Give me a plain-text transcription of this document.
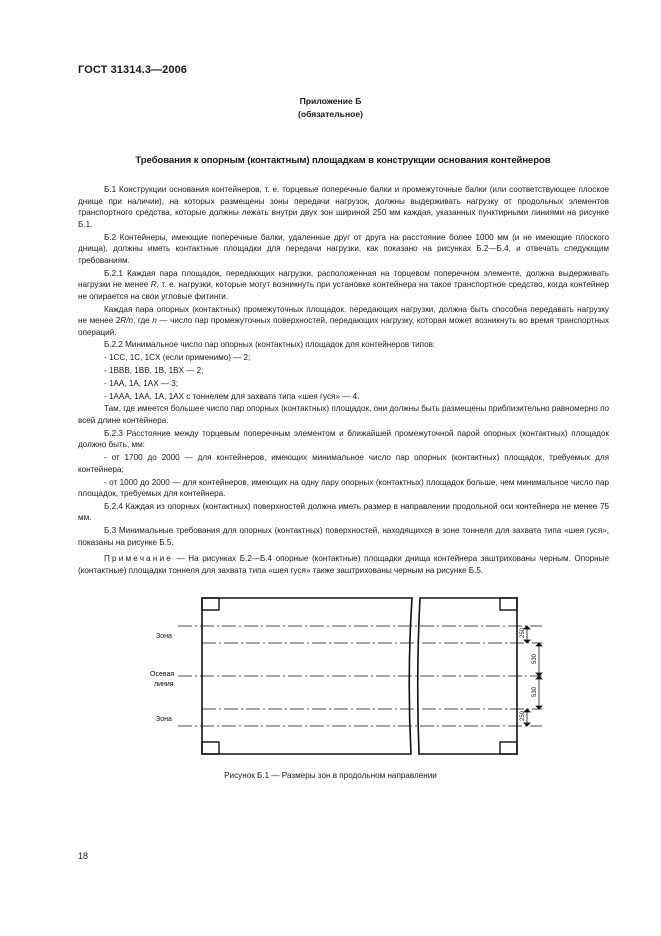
ГОСТ 31314.3—2006
Приложение Б
(обязательное)
Требования к опорным (контактным) площадкам в конструкции основания контейнеров

Б.1 Конструкции основания контейнеров, т. е. торцевые поперечные балки и промежуточные балки (или соответствующее плоское днище при наличии), на которых размещены зоны передачи нагрузок, должны выдерживать нагрузку от продольных элементов транспортного средства, которые должны лежать внутри двух зон шириной 250 мм каждая, указанных пунктирными линиями на рисунке Б.1.

Б.2 Контейнеры, имеющие поперечные балки, удаленные друг от друга на расстояние более 1000 мм (и не имеющие плоского днища), должны иметь контактные площадки для передачи нагрузки, как показано на рисунках Б.2—Б.4, и отвечать следующим требованиям.

Б.2.1 Каждая пара площадок, передающих нагрузки, расположенная на торцевом поперечном элементе, должна выдерживать нагрузки не менее R, т. е. нагрузки, которые могут возникнуть при установке контейнера на такое транспортное средство, когда контейнер не опирается на свои угловые фитинги.

Каждая пара опорных (контактных) промежуточных площадок, передающих нагрузки, должна быть способна передавать нагрузку не менее 2R/n, где n — число пар промежуточных поверхностей, передающих нагрузку, которая может возникнуть во время транспортных операций.

Б.2.2 Минимальное число пар опорных (контактных) площадок для контейнеров типов:

- 1CC, 1C, 1CX (если применимо) — 2;

- 1BBB, 1BB, 1B, 1BX — 2;

- 1AA, 1A, 1AX — 3;

- 1AAA, 1AA, 1A, 1AX с тоннелем для захвата типа «шея гуся» — 4.

Там, где имеется большее число пар опорных (контактных) площадок, они должны быть размещены приблизительно равномерно по всей длине контейнера.

Б.2.3 Расстояние между торцевым поперечным элементом и ближайшей промежуточной парой опорных (контактных) площадок должно быть, мм:

- от 1700 до 2000 — для контейнеров, имеющих минимальное число пар опорных (контактных) площадок, требуемых для контейнера;

- от 1000 до 2000 — для контейнеров, имеющих на одну пару опорных (контактных) площадок больше, чем минимальное число пар площадок, требуемых для контейнера.

Б.2.4 Каждая из опорных (контактных) поверхностей должна иметь размер в направлении продольной оси контейнера не менее 75 мм.

Б.3 Минимальные требования для опорных (контактных) поверхностей, находящихся в зоне тоннеля для захвата типа «шея гуся», показаны на рисунке Б.5.

Примечание — На рисунках Б.2—Б.4 опорные (контактные) площадки днища контейнера заштрихованы черным. Опорные (контактные) площадки тоннеля для захвата типа «шея гуся» также заштрихованы черным на рисунке Б.5.

Зона
Осевая
линия
Зона
250
530
530
250
Рисунок Б.1 — Размеры зон в продольном направлении
18
